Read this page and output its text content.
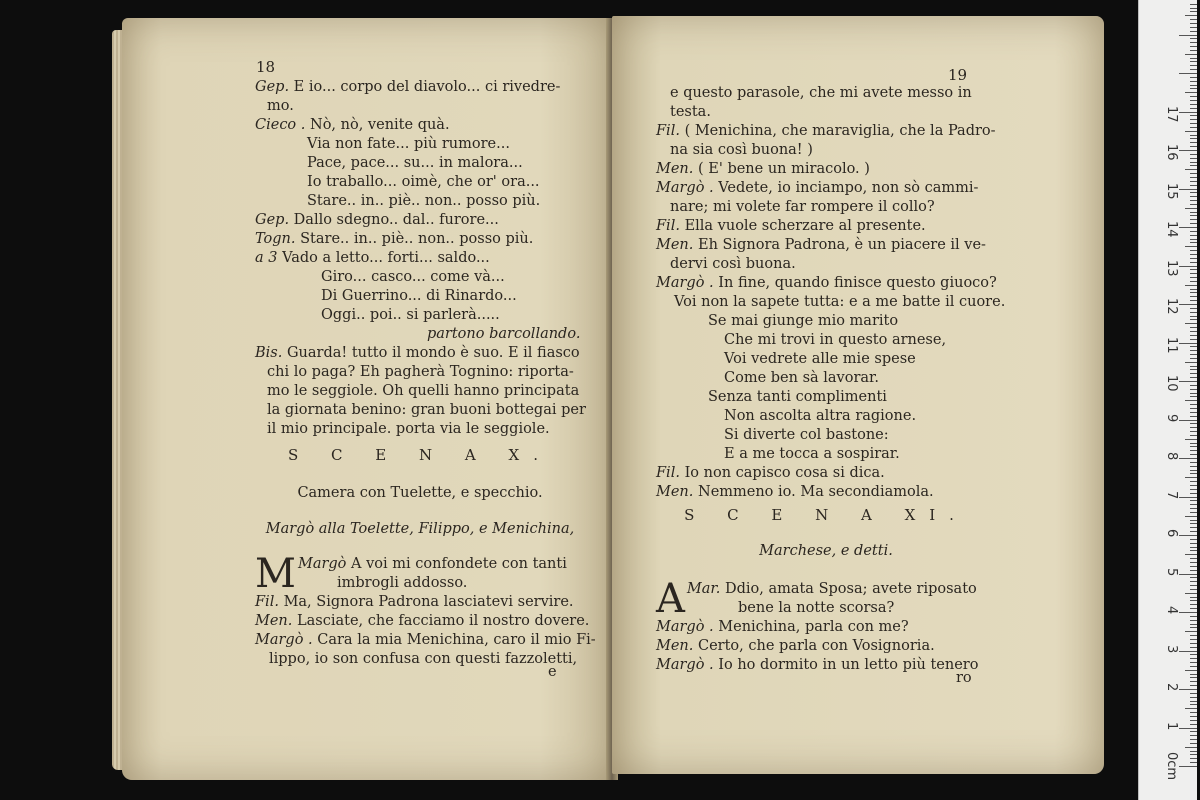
18
Gep. E io... corpo del diavolo... ci rivedre-
mo.
Cieco . Nò, nò, venite quà.
Via non fate... più rumore...
Pace, pace... su... in malora...
Io traballo... oimè, che or' ora...
Stare.. in.. piè.. non.. posso più.
Gep. Dallo sdegno.. dal.. furore...
Togn. Stare.. in.. piè.. non.. posso più.
a 3 Vado a letto... forti... saldo...
Giro... casco... come và...
Di Guerrino... di Rinardo...
Oggi.. poi.. si parlerà.....
partono barcollando.
Bis. Guarda! tutto il mondo è suo. E il fiasco
chi lo paga? Eh pagherà Tognino: riporta-
mo le seggiole. Oh quelli hanno principata
la giornata benino: gran buoni bottegai per
il mio principale. porta via le seggiole.
S C E N A X.
Camera con Tuelette, e specchio.
Margò alla Toelette, Filippo, e Menichina,
Margò
M	A voi mi confondete con tanti
imbrogli addosso.
Fil. Ma, Signora Padrona lasciatevi servire.
Men. Lasciate, che facciamo il nostro dovere.
Margò . Cara la mia Menichina, caro il mio Fi-
lippo, io son confusa con questi fazzoletti,
e
19
e questo parasole, che mi avete messo in
testa.
Fil. ( Menichina, che maraviglia, che la Padro-
na sia così buona! )
Men. ( E' bene un miracolo. )
Margò . Vedete, io inciampo, non sò cammi-
nare; mi volete far rompere il collo?
Fil. Ella vuole scherzare al presente.
Men. Eh Signora Padrona, è un piacere il ve-
dervi così buona.
Margò . In fine, quando finisce questo giuoco?
Voi non la sapete tutta: e a me batte il cuore.
Se mai giunge mio marito
Che mi trovi in questo arnese,
Voi vedrete alle mie spese
Come ben sà lavorar.
Senza tanti complimenti
Non ascolta altra ragione.
Si diverte col bastone:
E a me tocca a sospirar.
Fil. Io non capisco cosa si dica.
Men. Nemmeno io. Ma secondiamola.
S C E N A XI.
Marchese, e detti.
Mar.
A	Ddio, amata Sposa; avete riposato
bene la notte scorsa?
Margò . Menichina, parla con me?
Men. Certo, che parla con Vosignoria.
Margò . Io ho dormito in un letto più tenero
ro
0cm
1
2
3
4
5
6
7
8
9
10
11
12
13
14
15
16
17
